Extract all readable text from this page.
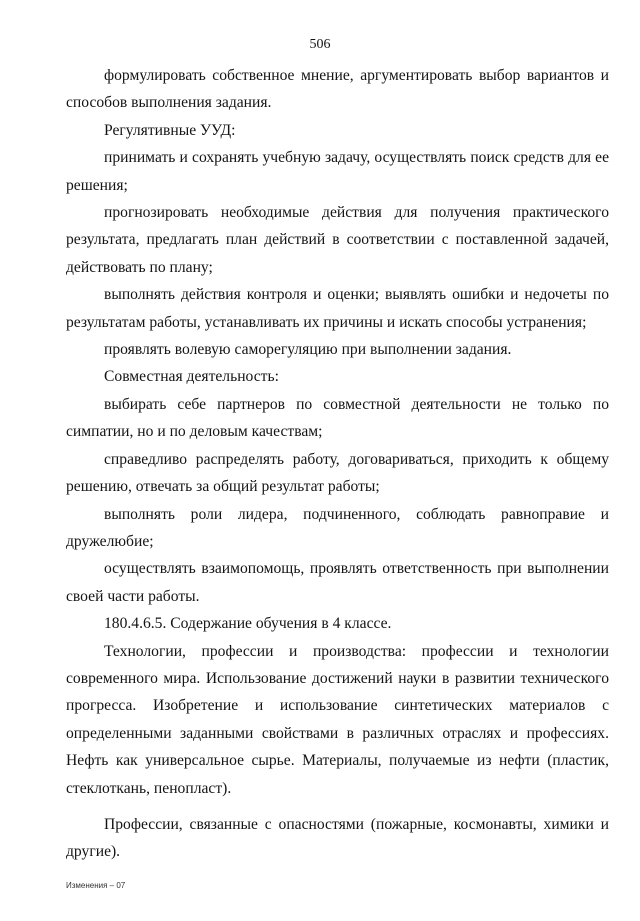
506

формулировать собственное мнение, аргументировать выбор вариантов и способов выполнения задания.

Регулятивные УУД:

принимать и сохранять учебную задачу, осуществлять поиск средств для ее решения;

прогнозировать необходимые действия для получения практического результата, предлагать план действий в соответствии с поставленной задачей, действовать по плану;

выполнять действия контроля и оценки; выявлять ошибки и недочеты по результатам работы, устанавливать их причины и искать способы устранения;

проявлять волевую саморегуляцию при выполнении задания.

Совместная деятельность:

выбирать себе партнеров по совместной деятельности не только по симпатии, но и по деловым качествам;

справедливо распределять работу, договариваться, приходить к общему решению, отвечать за общий результат работы;

выполнять роли лидера, подчиненного, соблюдать равноправие и дружелюбие;

осуществлять взаимопомощь, проявлять ответственность при выполнении своей части работы.

180.4.6.5. Содержание обучения в 4 классе.

Технологии, профессии и производства: профессии и технологии современного мира. Использование достижений науки в развитии технического прогресса. Изобретение и использование синтетических материалов с определенными заданными свойствами в различных отраслях и профессиях. Нефть как универсальное сырье. Материалы, получаемые из нефти (пластик, стеклоткань, пенопласт).

Профессии, связанные с опасностями (пожарные, космонавты, химики и другие).

Изменения – 07
